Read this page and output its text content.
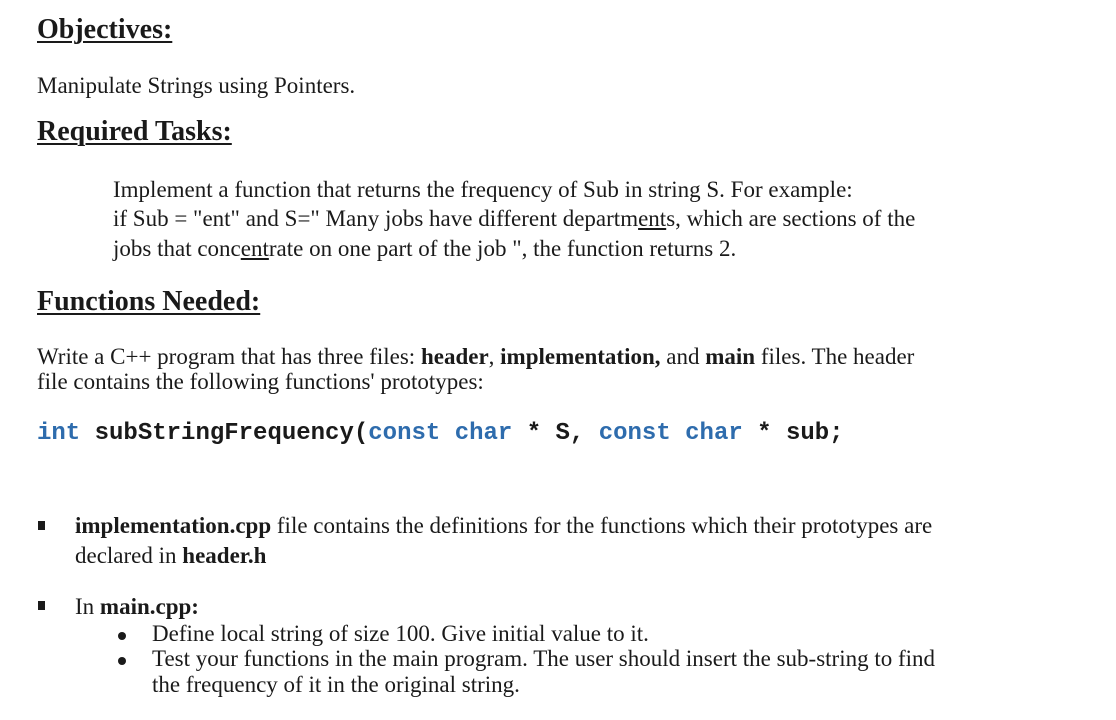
Objectives:

Manipulate Strings using Pointers.

Required Tasks:

Implement a function that returns the frequency of Sub in string S. For example:

if Sub = "ent" and S=" Many jobs have different departments, which are sections of the

jobs that concentrate on one part of the job ", the function returns 2.

Functions Needed:

Write a C++ program that has three files: header, implementation, and main files. The header

file contains the following functions' prototypes:

int subStringFrequency(const char * S, const char * sub;

implementation.cpp file contains the definitions for the functions which their prototypes are

declared in header.h

In main.cpp:

Define local string of size 100. Give initial value to it.

Test your functions in the main program. The user should insert the sub-string to find

the frequency of it in the original string.
